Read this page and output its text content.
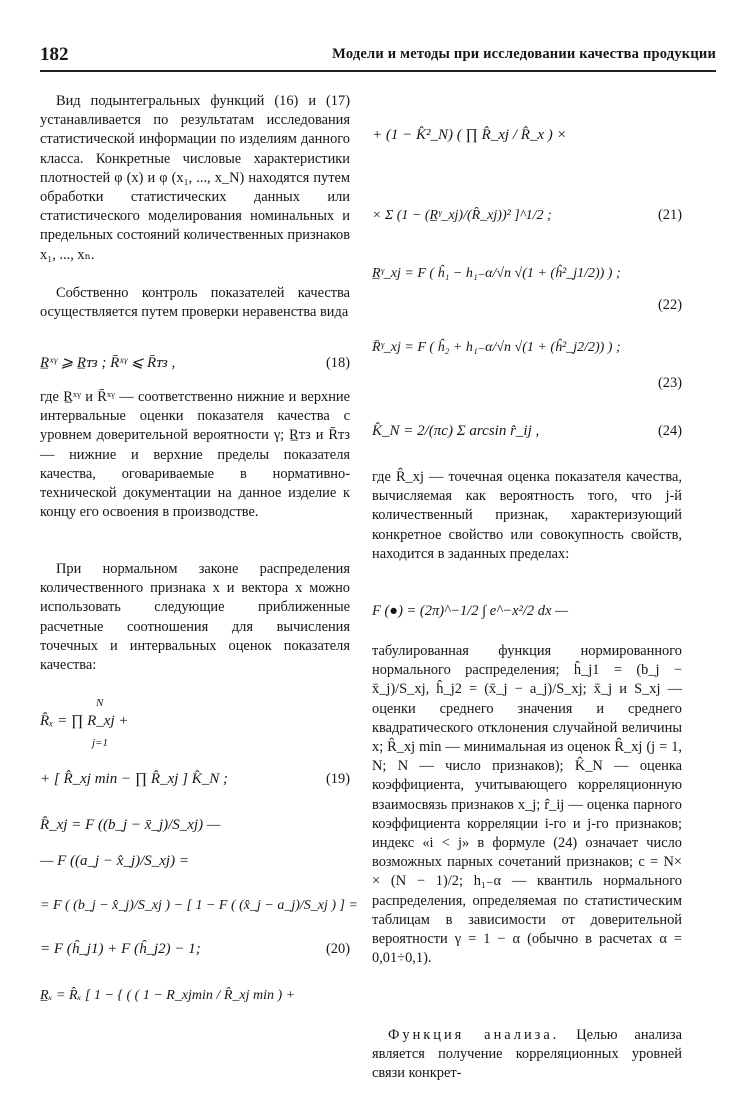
182	Модели и методы при исследовании качества продукции

Вид подынтегральных функций (16) и (17) устанавливается по результатам исследования статистической информации по изделиям данного класса. Конкретные числовые характеристики плотностей φ (x) и φ (x₁, ..., x_N) находятся путем обработки статистических данных или статистического моделирования номинальных и предельных состояний количественных признаков x₁, ..., xₙ.

Собственно контроль показателей качества осуществляется путем проверки неравенства вида

R̲ˣᵞ ⩾ R̲ᴛз ; R̄ˣᵞ ⩽ R̄ᴛз ,	(18)

где R̲ˣᵞ и R̄ˣᵞ — соответственно нижние и верхние интервальные оценки показателя качества с уровнем доверительной вероятности γ; R̲ᴛз и R̄ᴛз — нижние и верхние пределы показателя качества, оговариваемые в нормативно-технической документации на данное изделие к концу его освоения в производстве.

При нормальном законе распределения количественного признака x и вектора x можно использовать следующие приближенные расчетные соотношения для вычисления точечных и интервальных оценок показателя качества:

N
R̂ₓ = ∏ R_xj +
j=1
+ [ R̂_xj min − ∏ R̂_xj ] K̂_N ;	(19)
R̂_xj = F ((b_j − x̄_j)/S_xj) —
— F ((a_j − x̂_j)/S_xj) =
= F ( (b_j − x̂_j)/S_xj ) − [ 1 − F ( (x̂_j − a_j)/S_xj ) ] =
= F (ĥ_j1) + F (ĥ_j2) − 1;	(20)
R̲ₓ = R̂ₓ [ 1 − { ( ( 1 − R_xjmin / R̂_xj min ) +
+ (1 − K̂²_N) ( ∏ R̂_xj / R̂_x ) ×
× Σ (1 − (R̲ᵞ_xj)/(R̂_xj))² ]^1/2 ;	(21)
R̲ᵞ_xj = F ( ĥ₁ − h₁₋α/√n √(1 + (ĥ²_j1/2)) ) ;
(22)
R̄ᵞ_xj = F ( ĥ₂ + h₁₋α/√n √(1 + (ĥ²_j2/2)) ) ;
(23)
K̂_N = 2/(πc) Σ arcsin r̂_ij ,	(24)

где R̂_xj — точечная оценка показателя качества, вычисляемая как вероятность того, что j-й количественный признак, характеризующий конкретное свойство или совокупность свойств, находится в заданных пределах:

F (●) = (2π)^−1/2 ∫ e^−x²/2 dx —

табулированная функция нормированного нормального распределения; ĥ_j1 = (b_j − x̄_j)/S_xj, ĥ_j2 = (x̄_j − a_j)/S_xj; x̄_j и S_xj — оценки среднего значения и среднего квадратического отклонения случайной величины x; R̂_xj min — минимальная из оценок R̂_xj (j = 1, N; N — число признаков); K̂_N — оценка коэффициента, учитывающего корреляционную взаимосвязь признаков x_j; r̂_ij — оценка парного коэффициента корреляции i-го и j-го признаков; индекс «i < j» в формуле (24) означает число возможных парных сочетаний признаков; c = N× × (N − 1)/2; h₁₋α — квантиль нормального распределения, определяемая по статистическим таблицам в зависимости от доверительной вероятности γ = 1 − α (обычно в расчетах α = 0,01÷0,1).

Функция анализа. Целью анализа является получение корреляционных уровней связи конкрет-
